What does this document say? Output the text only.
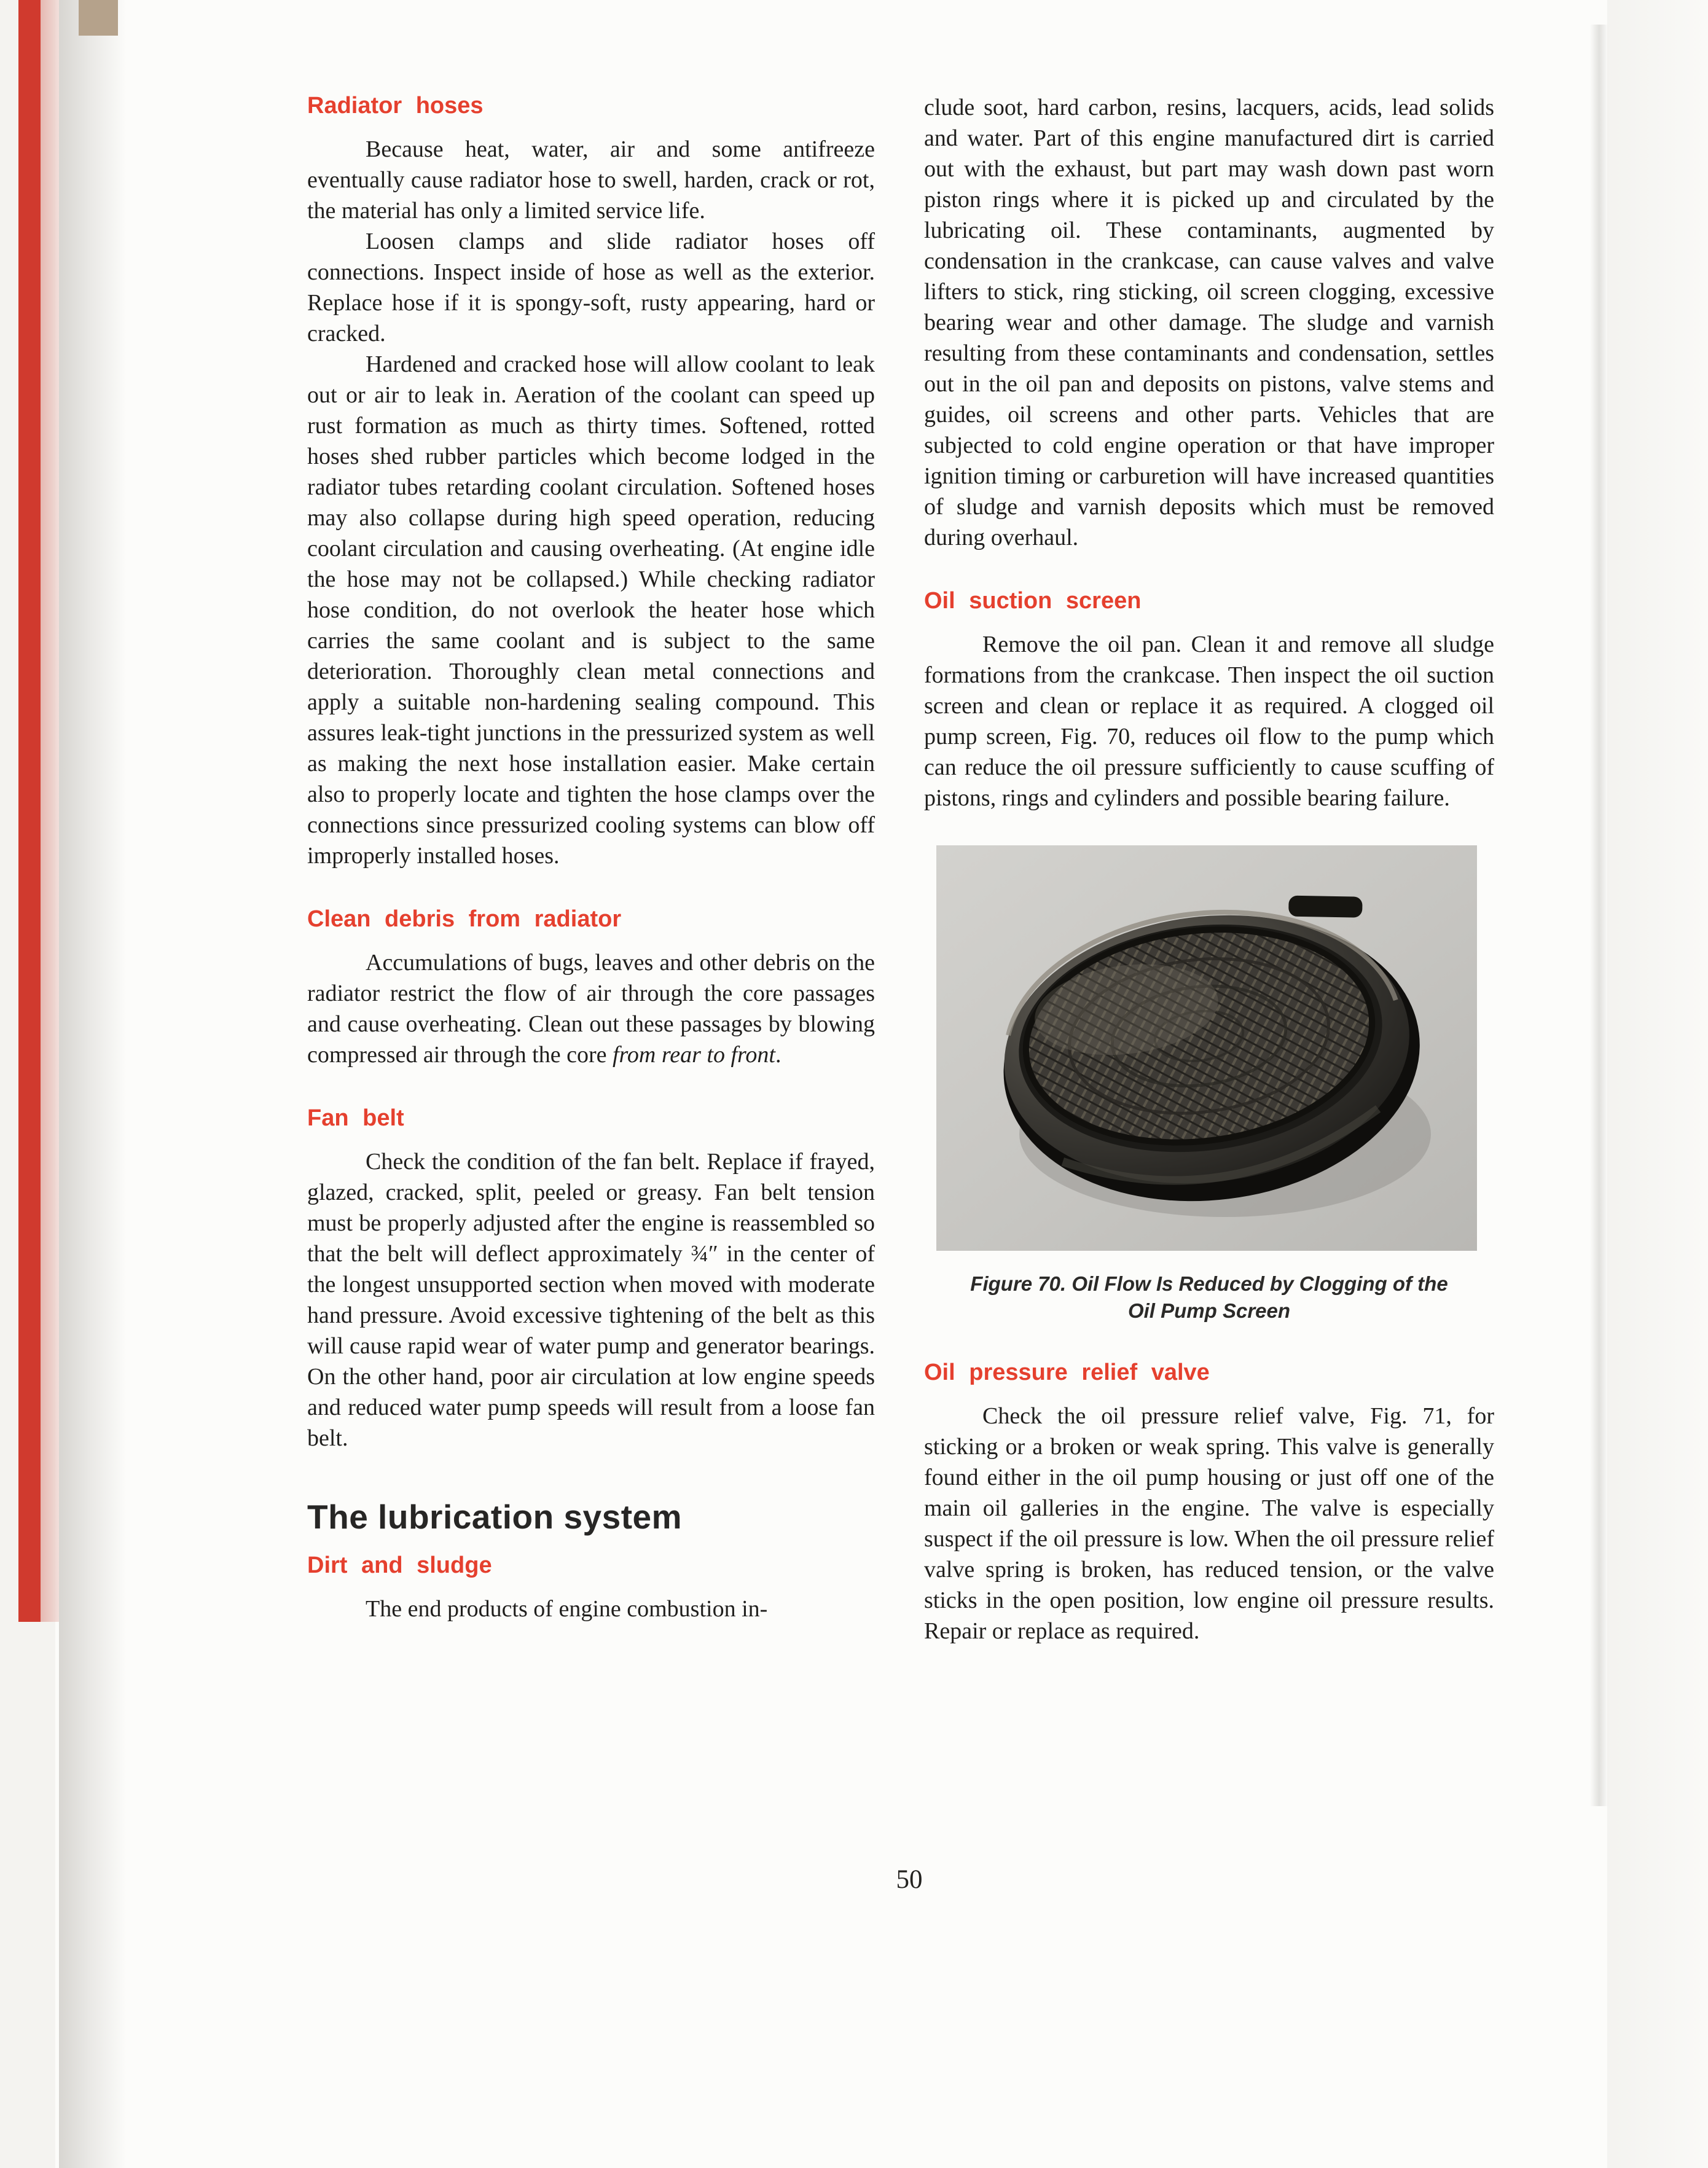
Radiator hoses

Because heat, water, air and some antifreeze eventually cause radiator hose to swell, harden, crack or rot, the material has only a limited service life.

Loosen clamps and slide radiator hoses off connections. Inspect inside of hose as well as the exterior. Replace hose if it is spongy-soft, rusty appearing, hard or cracked.

Hardened and cracked hose will allow coolant to leak out or air to leak in. Aeration of the coolant can speed up rust formation as much as thirty times. Softened, rotted hoses shed rubber particles which become lodged in the radiator tubes retarding coolant circulation. Softened hoses may also collapse during high speed operation, reducing coolant circulation and causing overheating. (At engine idle the hose may not be collapsed.) While checking radiator hose condition, do not overlook the heater hose which carries the same coolant and is subject to the same deterioration. Thoroughly clean metal connections and apply a suitable non-hardening sealing compound. This assures leak-tight junctions in the pressurized system as well as making the next hose installation easier. Make certain also to properly locate and tighten the hose clamps over the connections since pressurized cooling systems can blow off improperly installed hoses.

Clean debris from radiator

Accumulations of bugs, leaves and other debris on the radiator restrict the flow of air through the core passages and cause overheating. Clean out these passages by blowing compressed air through the core from rear to front.

Fan belt

Check the condition of the fan belt. Replace if frayed, glazed, cracked, split, peeled or greasy. Fan belt tension must be properly adjusted after the engine is reassembled so that the belt will deflect approximately ¾″ in the center of the longest unsupported section when moved with moderate hand pressure. Avoid excessive tightening of the belt as this will cause rapid wear of water pump and generator bearings. On the other hand, poor air circulation at low engine speeds and reduced water pump speeds will result from a loose fan belt.

The lubrication system
Dirt and sludge

The end products of engine combustion in-

clude soot, hard carbon, resins, lacquers, acids, lead solids and water. Part of this engine manufactured dirt is carried out with the exhaust, but part may wash down past worn piston rings where it is picked up and circulated by the lubricating oil. These contaminants, augmented by condensation in the crankcase, can cause valves and valve lifters to stick, ring sticking, oil screen clogging, excessive bearing wear and other damage. The sludge and varnish resulting from these contaminants and condensation, settles out in the oil pan and deposits on pistons, valve stems and guides, oil screens and other parts. Vehicles that are subjected to cold engine operation or that have improper ignition timing or carburetion will have increased quantities of sludge and varnish deposits which must be removed during overhaul.

Oil suction screen

Remove the oil pan. Clean it and remove all sludge formations from the crankcase. Then inspect the oil suction screen and clean or replace it as required. A clogged oil pump screen, Fig. 70, reduces oil flow to the pump which can reduce the oil pressure sufficiently to cause scuffing of pistons, rings and cylinders and possible bearing failure.

Figure 70. Oil Flow Is Reduced by Clogging of the
Oil Pump Screen
Oil pressure relief valve

Check the oil pressure relief valve, Fig. 71, for sticking or a broken or weak spring. This valve is generally found either in the oil pump housing or just off one of the main oil galleries in the engine. The valve is especially suspect if the oil pressure is low. When the oil pressure relief valve spring is broken, has reduced tension, or the valve sticks in the open position, low engine oil pressure results. Repair or replace as required.

50
